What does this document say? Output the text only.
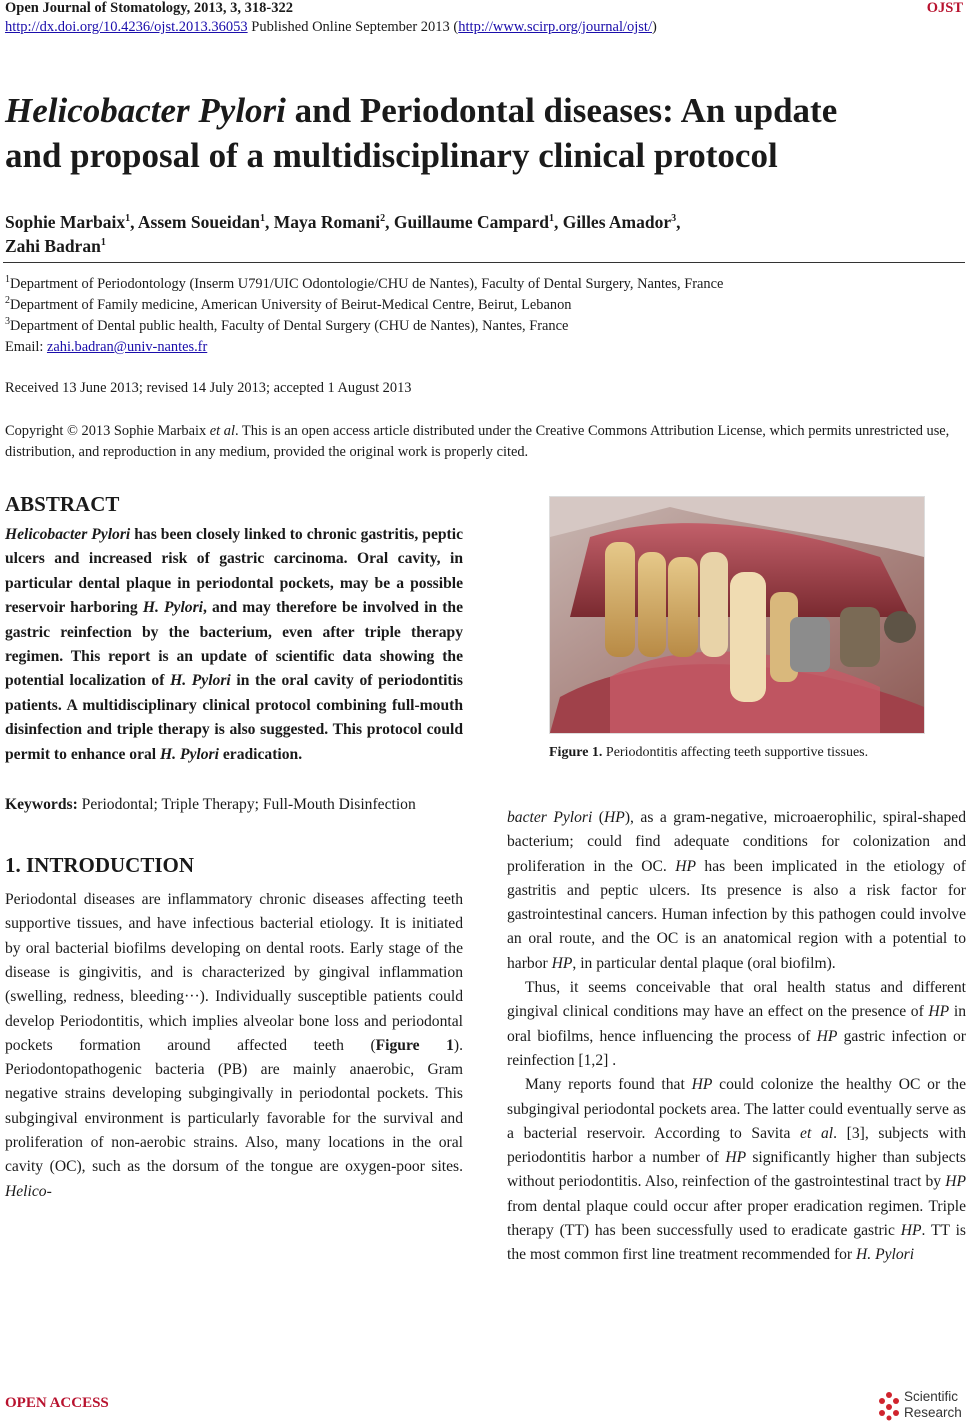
Open Journal of Stomatology, 2013, 3, 318-322	OJST
http://dx.doi.org/10.4236/ojst.2013.36053 Published Online September 2013 (http://www.scirp.org/journal/ojst/)
Helicobacter Pylori and Periodontal diseases: An update
and proposal of a multidisciplinary clinical protocol
Sophie Marbaix$^1$, Assem Soueidan$^1$, Maya Romani$^2$, Guillaume Campard$^1$, Gilles Amador$^3$,
Zahi Badran$^1$
$^1$Department of Periodontology (Inserm U791/UIC Odontologie/CHU de Nantes), Faculty of Dental Surgery, Nantes, France
$^2$Department of Family medicine, American University of Beirut-Medical Centre, Beirut, Lebanon
$^3$Department of Dental public health, Faculty of Dental Surgery (CHU de Nantes), Nantes, France
Email: zahi.badran@univ-nantes.fr
Received 13 June 2013; revised 14 July 2013; accepted 1 August 2013
Copyright © 2013 Sophie Marbaix et al. This is an open access article distributed under the Creative Commons Attribution License, which permits unrestricted use, distribution, and reproduction in any medium, provided the original work is properly cited.
ABSTRACT

Helicobacter Pylori has been closely linked to chronic gastritis, peptic ulcers and increased risk of gastric carcinoma. Oral cavity, in particular dental plaque in periodontal pockets, may be a possible reservoir harboring H. Pylori, and may therefore be involved in the gastric reinfection by the bacterium, even after triple therapy regimen. This report is an update of scientific data showing the potential localization of H. Pylori in the oral cavity of periodontitis patients. A multidisciplinary clinical protocol combining full-mouth disinfection and triple therapy is also suggested. This protocol could permit to enhance oral H. Pylori eradication.

Keywords: Periodontal; Triple Therapy; Full-Mouth Disinfection

1. INTRODUCTION

Periodontal diseases are inflammatory chronic diseases affecting teeth supportive tissues, and have infectious bacterial etiology. It is initiated by oral bacterial biofilms developing on dental roots. Early stage of the disease is gingivitis, and is characterized by gingival inflammation (swelling, redness, bleeding···). Individually susceptible patients could develop Periodontitis, which implies alveolar bone loss and periodontal pockets formation around affected teeth (Figure 1). Periodontopathogenic bacteria (PB) are mainly anaerobic, Gram negative strains developing subgingivally in periodontal pockets. This subgingival environment is particularly favorable for the survival and proliferation of non-aerobic strains. Also, many locations in the oral cavity (OC), such as the dorsum of the tongue are oxygen-poor sites. Helico-

Figure 1. Periodontitis affecting teeth supportive tissues.

bacter Pylori (HP), as a gram-negative, microaerophilic, spiral-shaped bacterium; could find adequate conditions for colonization and proliferation in the OC. HP has been implicated in the etiology of gastritis and peptic ulcers. Its presence is also a risk factor for gastrointestinal cancers. Human infection by this pathogen could involve an oral route, and the OC is an anatomical region with a potential to harbor HP, in particular dental plaque (oral biofilm).

Thus, it seems conceivable that oral health status and different gingival clinical conditions may have an effect on the presence of HP in oral biofilms, hence influencing the process of HP gastric infection or reinfection [1,2] .

Many reports found that HP could colonize the healthy OC or the subgingival periodontal pockets area. The latter could eventually serve as a bacterial reservoir. According to Savita et al. [3], subjects with periodontitis harbor a number of HP significantly higher than subjects without periodontitis. Also, reinfection of the gastrointestinal tract by HP from dental plaque could occur after proper eradication regimen. Triple therapy (TT) has been successfully used to eradicate gastric HP. TT is the most common first line treatment recommended for H. Pylori

OPEN ACCESS	Scientific
Research
